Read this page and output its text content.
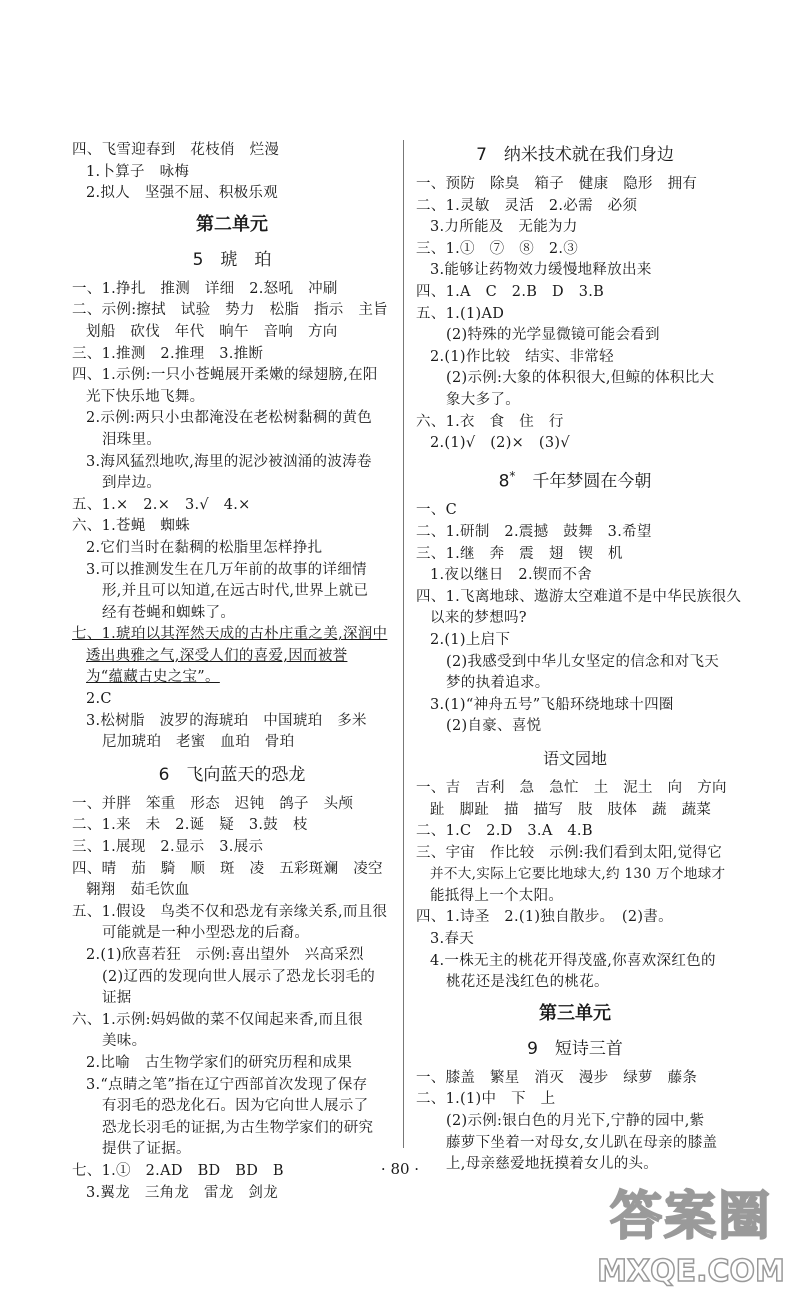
四、飞雪迎春到　花枝俏　烂漫
1.卜算子　咏梅
2.拟人　坚强不屈、积极乐观
第二单元
5　琥　珀
一、1.挣扎　推测　详细　2.怒吼　冲刷
二、示例:擦拭　试验　势力　松脂　指示　主旨
划船　砍伐　年代　晌午　音响　方向
三、1.推测　2.推理　3.推断
四、1.示例:一只小苍蝇展开柔嫩的绿翅膀,在阳
光下快乐地飞舞。
2.示例:两只小虫都淹没在老松树黏稠的黄色
泪珠里。
3.海风猛烈地吹,海里的泥沙被汹涌的波涛卷
到岸边。
五、1.×　2.×　3.√　4.×
六、1.苍蝇　蜘蛛
2.它们当时在黏稠的松脂里怎样挣扎
3.可以推测发生在几万年前的故事的详细情
形,并且可以知道,在远古时代,世界上就已
经有苍蝇和蜘蛛了。
七、1.琥珀以其浑然天成的古朴庄重之美,深润中
透出典雅之气,深受人们的喜爱,因而被誉
为“蕴藏古史之宝”。
2.C
3.松树脂　波罗的海琥珀　中国琥珀　多米
尼加琥珀　老蜜　血珀　骨珀
6　飞向蓝天的恐龙
一、并胖　笨重　形态　迟钝　鸽子　头颅
二、1.来　未　2.诞　疑　3.鼓　枝
三、1.展现　2.显示　3.展示
四、晴　茄　騎　顺　斑　凌　五彩斑斓　凌空
翱翔　茹毛饮血
五、1.假设　鸟类不仅和恐龙有亲缘关系,而且很
可能就是一种小型恐龙的后裔。
2.(1)欣喜若狂　示例:喜出望外　兴高采烈
(2)辽西的发现向世人展示了恐龙长羽毛的
证据
六、1.示例:妈妈做的菜不仅闻起来香,而且很
美味。
2.比喻　古生物学家们的研究历程和成果
3.“点睛之笔”指在辽宁西部首次发现了保存
有羽毛的恐龙化石。因为它向世人展示了
恐龙长羽毛的证据,为古生物学家们的研究
提供了证据。
七、1.①　2.AD　BD　BD　B
3.翼龙　三角龙　雷龙　剑龙
7　纳米技术就在我们身边
一、预防　除臭　箱子　健康　隐形　拥有
二、1.灵敏　灵活　2.必需　必须
3.力所能及　无能为力
三、1.①　⑦　⑧　2.③
3.能够让药物效力缓慢地释放出来
四、1.A　C　2.B　D　3.B
五、1.(1)AD
(2)特殊的光学显微镜可能会看到
2.(1)作比较　结实、非常轻
(2)示例:大象的体积很大,但鲸的体积比大
象大多了。
六、1.衣　食　住　行
2.(1)√　(2)×　(3)√
8*　 千年梦圆在今朝
一、C
二、1.研制　2.震撼　鼓舞　3.希望
三、1.继　奔　震　翅　锲　机
1.夜以继日　2.锲而不舍
四、1.飞离地球、遨游太空难道不是中华民族很久
以来的梦想吗?
2.(1)上启下
(2)我感受到中华儿女坚定的信念和对飞天
梦的执着追求。
3.(1)“神舟五号”飞船环绕地球十四圈
(2)自豪、喜悦
语文园地
一、吉　吉利　急　急忙　土　泥土　向　方向
趾　脚趾　描　描写　肢　肢体　蔬　蔬菜
二、1.C　2.D　3.A　4.B
三、宇宙　作比较　示例:我们看到太阳,觉得它
并不大,实际上它要比地球大,约 130 万个地球才
能抵得上一个太阳。
四、1.诗圣　2.(1)独自散步。　(2)書。
3.春天
4.一株无主的桃花开得茂盛,你喜欢深红色的
桃花还是浅红色的桃花。
第三单元
9　短诗三首
一、膝盖　繁星　消灭　漫步　绿萝　藤条
二、1.(1)中　下　上
(2)示例:银白色的月光下,宁静的园中,紫
藤萝下坐着一对母女,女儿趴在母亲的膝盖
上,母亲慈爱地抚摸着女儿的头。
· 80 ·
答案圈
MXQE.COM
